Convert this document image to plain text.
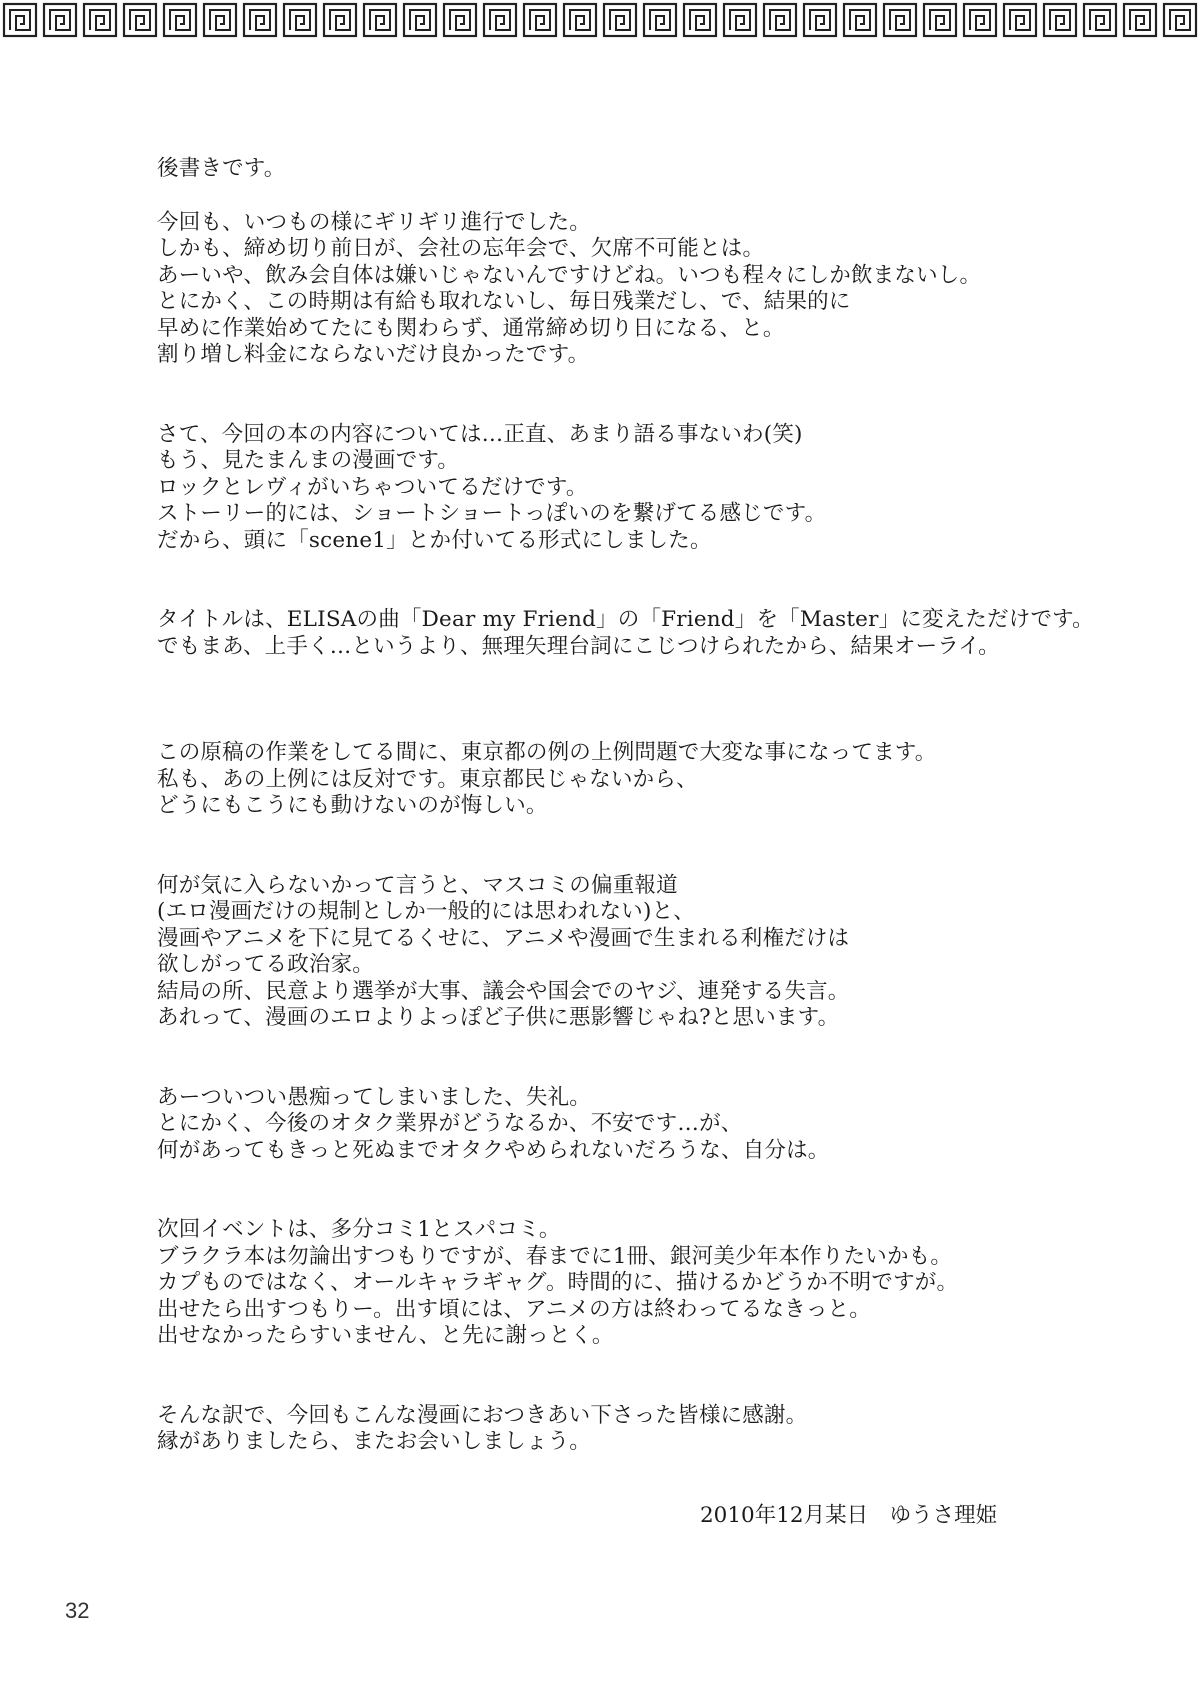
後書きです。
今回も、いつもの様にギリギリ進行でした。
しかも、締め切り前日が、会社の忘年会で、欠席不可能とは。
あーいや、飲み会自体は嫌いじゃないんですけどね。いつも程々にしか飲まないし。
とにかく、この時期は有給も取れないし、毎日残業だし、で、結果的に
早めに作業始めてたにも関わらず、通常締め切り日になる、と。
割り増し料金にならないだけ良かったです。
さて、今回の本の内容については…正直、あまり語る事ないわ(笑)
もう、見たまんまの漫画です。
ロックとレヴィがいちゃついてるだけです。
ストーリー的には、ショートショートっぽいのを繋げてる感じです。
だから、頭に「scene1」とか付いてる形式にしました。
タイトルは、ELISAの曲「Dear my Friend」の「Friend」を「Master」に変えただけです。
でもまあ、上手く…というより、無理矢理台詞にこじつけられたから、結果オーライ。
この原稿の作業をしてる間に、東京都の例の上例問題で大変な事になってます。
私も、あの上例には反対です。東京都民じゃないから、
どうにもこうにも動けないのが悔しい。
何が気に入らないかって言うと、マスコミの偏重報道
(エロ漫画だけの規制としか一般的には思われない)と、
漫画やアニメを下に見てるくせに、アニメや漫画で生まれる利権だけは
欲しがってる政治家。
結局の所、民意より選挙が大事、議会や国会でのヤジ、連発する失言。
あれって、漫画のエロよりよっぽど子供に悪影響じゃね?と思います。
あーついつい愚痴ってしまいました、失礼。
とにかく、今後のオタク業界がどうなるか、不安です…が、
何があってもきっと死ぬまでオタクやめられないだろうな、自分は。
次回イベントは、多分コミ1とスパコミ。
ブラクラ本は勿論出すつもりですが、春までに1冊、銀河美少年本作りたいかも。
カプものではなく、オールキャラギャグ。時間的に、描けるかどうか不明ですが。
出せたら出すつもりー。出す頃には、アニメの方は終わってるなきっと。
出せなかったらすいません、と先に謝っとく。
そんな訳で、今回もこんな漫画におつきあい下さった皆様に感謝。
縁がありましたら、またお会いしましょう。
2010年12月某日　 ゆうさ理姫
32
